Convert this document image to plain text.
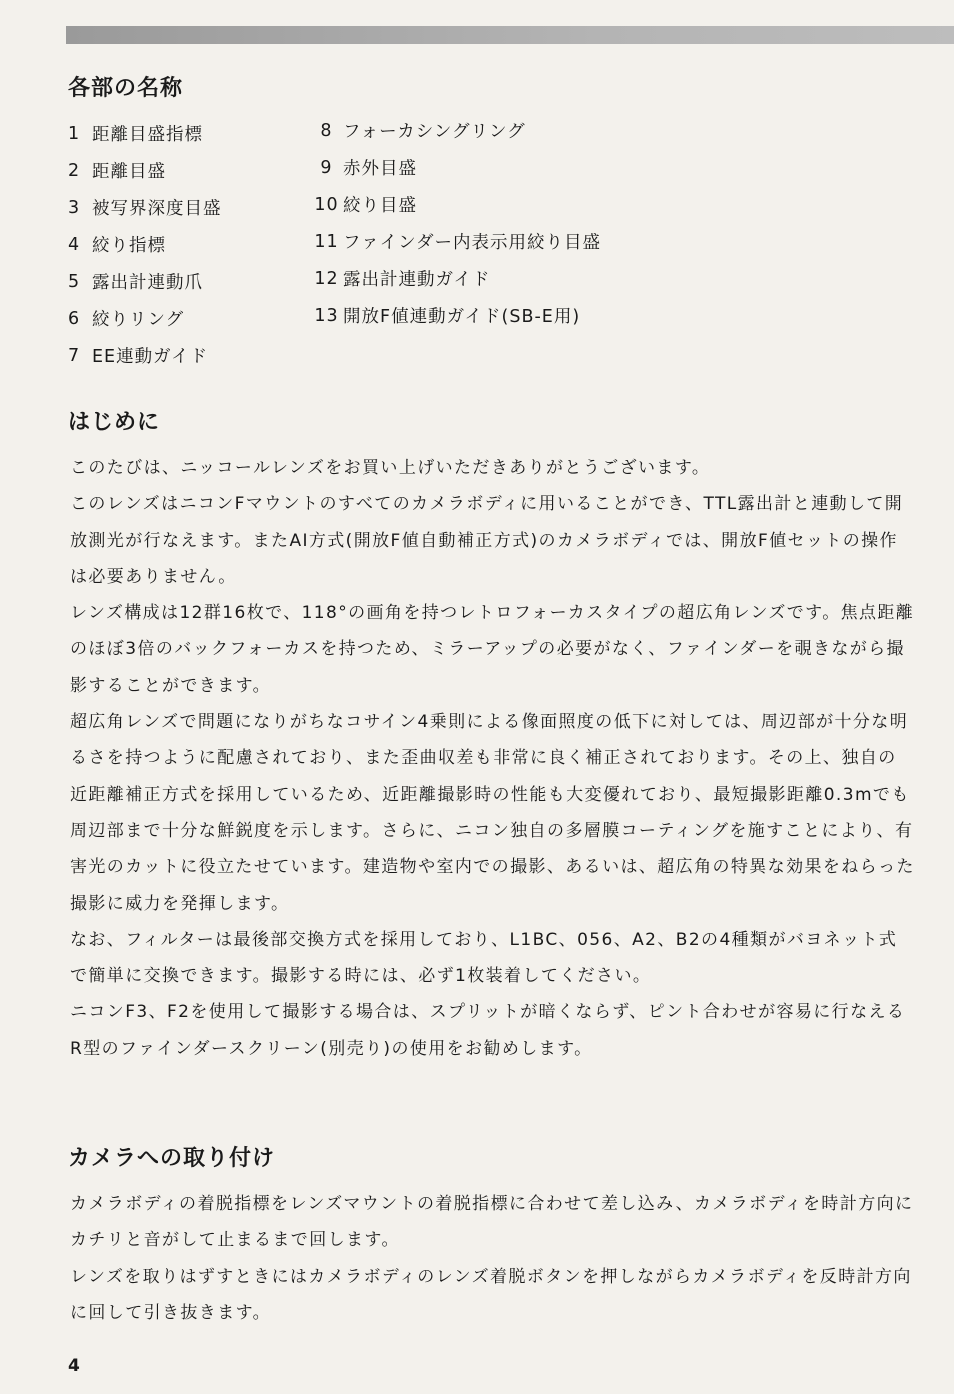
各部の名称
1 距離目盛指標
2 距離目盛
3 被写界深度目盛
4 絞り指標
5 露出計連動爪
6 絞りリング
7 EE連動ガイド
8 フォーカシングリング
9 赤外目盛
10 絞り目盛
11 ファインダー内表示用絞り目盛
12 露出計連動ガイド
13 開放F値連動ガイド(SB-E用)
はじめに

このたびは、ニッコールレンズをお買い上げいただきありがとうございます。

このレンズはニコンFマウントのすべてのカメラボディに用いることができ、TTL露出計と連動して開放測光が行なえます。またAI方式(開放F値自動補正方式)のカメラボディでは、開放F値セットの操作は必要ありません。

レンズ構成は12群16枚で、118°の画角を持つレトロフォーカスタイプの超広角レンズです。焦点距離のほぼ3倍のバックフォーカスを持つため、ミラーアップの必要がなく、ファインダーを覗きながら撮影することができます。

超広角レンズで問題になりがちなコサイン4乗則による像面照度の低下に対しては、周辺部が十分な明るさを持つように配慮されており、また歪曲収差も非常に良く補正されております。その上、独自の近距離補正方式を採用しているため、近距離撮影時の性能も大変優れており、最短撮影距離0.3mでも周辺部まで十分な鮮鋭度を示します。さらに、ニコン独自の多層膜コーティングを施すことにより、有害光のカットに役立たせています。建造物や室内での撮影、あるいは、超広角の特異な効果をねらった撮影に威力を発揮します。

なお、フィルターは最後部交換方式を採用しており、L1BC、056、A2、B2の4種類がバヨネット式で簡単に交換できます。撮影する時には、必ず1枚装着してください。

ニコンF3、F2を使用して撮影する場合は、スプリットが暗くならず、ピント合わせが容易に行なえるR型のファインダースクリーン(別売り)の使用をお勧めします。

カメラへの取り付け

カメラボディの着脱指標をレンズマウントの着脱指標に合わせて差し込み、カメラボディを時計方向にカチリと音がして止まるまで回します。

レンズを取りはずすときにはカメラボディのレンズ着脱ボタンを押しながらカメラボディを反時計方向に回して引き抜きます。

4
